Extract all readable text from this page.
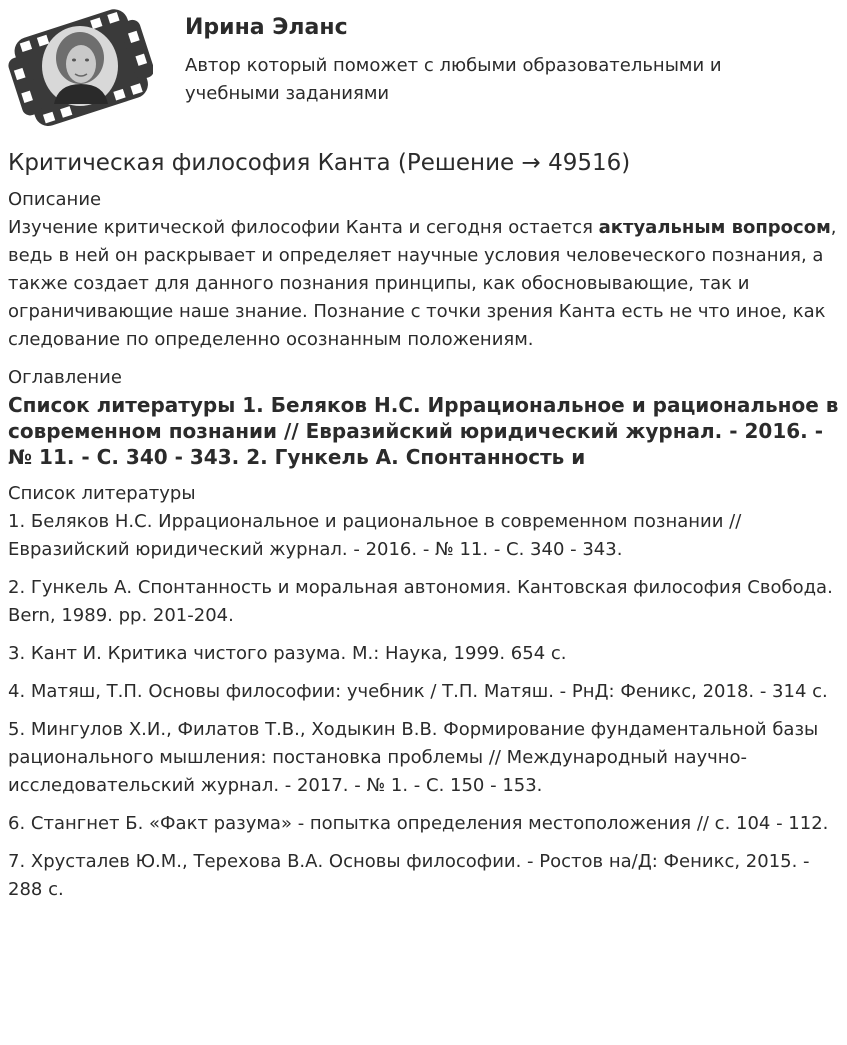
Ирина Эланс
Автор который поможет с любыми образовательными и учебными заданиями
Критическая философия Канта (Решение → 49516)
Описание

Изучение критической философии Канта и сегодня остается актуальным вопросом, ведь в ней он раскрывает и определяет научные условия человеческого познания, а также создает для данного познания принципы, как обосновывающие, так и ограничивающие наше знание. Познание с точки зрения Канта есть не что иное, как следование по определенно осознанным положениям.

Оглавление

Список литературы 1. Беляков Н.С. Иррациональное и рациональное в современном познании // Евразийский юридический журнал. - 2016. - № 11. - С. 340 - 343. 2. Гункель А. Спонтанность и

Список литературы
1. Беляков Н.С. Иррациональное и рациональное в современном познании // Евразийский юридический журнал. - 2016. - № 11. - С. 340 - 343.
2. Гункель А. Спонтанность и моральная автономия. Кантовская философия Свобода. Bern, 1989. pp. 201-204.
3. Кант И. Критика чистого разума. М.: Наука, 1999. 654 с.
4. Матяш, Т.П. Основы философии: учебник / Т.П. Матяш. - РнД: Феникс, 2018. - 314 с.
5. Мингулов Х.И., Филатов Т.В., Ходыкин В.В. Формирование фундаментальной базы рационального мышления: постановка проблемы // Международный научно-исследовательский журнал. - 2017. - № 1. - С. 150 - 153.
6. Стангнет Б. «Факт разума» - попытка определения местоположения // с. 104 - 112.
7. Хрусталев Ю.М., Терехова В.А. Основы философии. - Ростов на/Д: Феникс, 2015. - 288 с.
